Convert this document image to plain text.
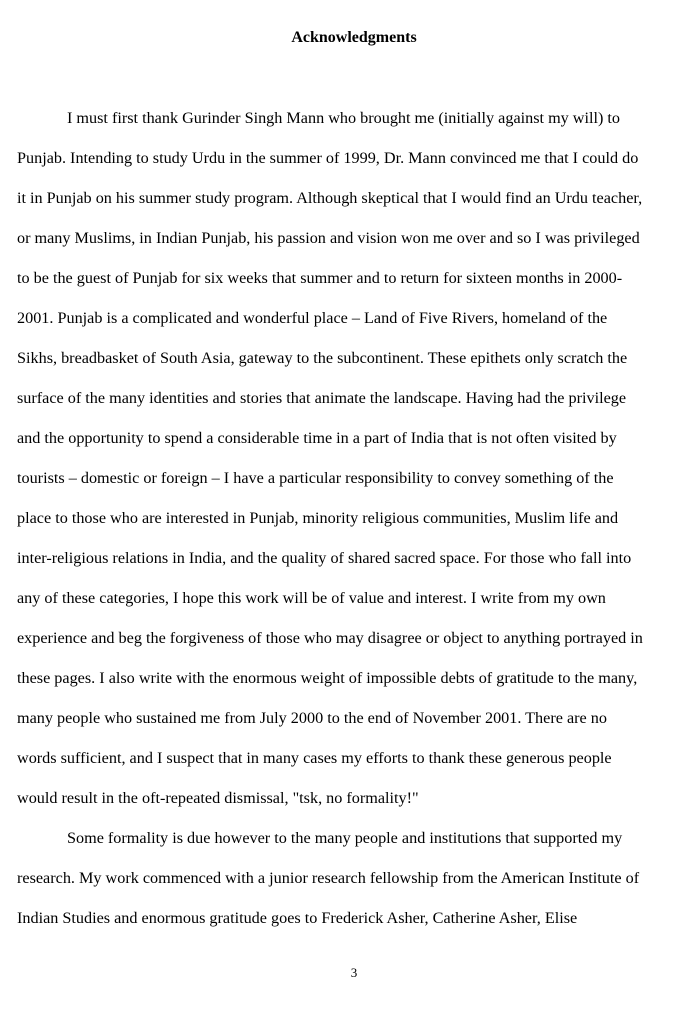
Acknowledgments
I must first thank Gurinder Singh Mann who brought me (initially against my will) to
Punjab. Intending to study Urdu in the summer of 1999, Dr. Mann convinced me that I could do
it in Punjab on his summer study program. Although skeptical that I would find an Urdu teacher,
or many Muslims, in Indian Punjab, his passion and vision won me over and so I was privileged
to be the guest of Punjab for six weeks that summer and to return for sixteen months in 2000-
2001. Punjab is a complicated and wonderful place – Land of Five Rivers, homeland of the
Sikhs, breadbasket of South Asia, gateway to the subcontinent. These epithets only scratch the
surface of the many identities and stories that animate the landscape. Having had the privilege
and the opportunity to spend a considerable time in a part of India that is not often visited by
tourists – domestic or foreign – I have a particular responsibility to convey something of the
place to those who are interested in Punjab, minority religious communities, Muslim life and
inter-religious relations in India, and the quality of shared sacred space. For those who fall into
any of these categories, I hope this work will be of value and interest. I write from my own
experience and beg the forgiveness of those who may disagree or object to anything portrayed in
these pages. I also write with the enormous weight of impossible debts of gratitude to the many,
many people who sustained me from July 2000 to the end of November 2001. There are no
words sufficient, and I suspect that in many cases my efforts to thank these generous people
would result in the oft-repeated dismissal, "tsk, no formality!"
Some formality is due however to the many people and institutions that supported my
research. My work commenced with a junior research fellowship from the American Institute of
Indian Studies and enormous gratitude goes to Frederick Asher, Catherine Asher, Elise
3
